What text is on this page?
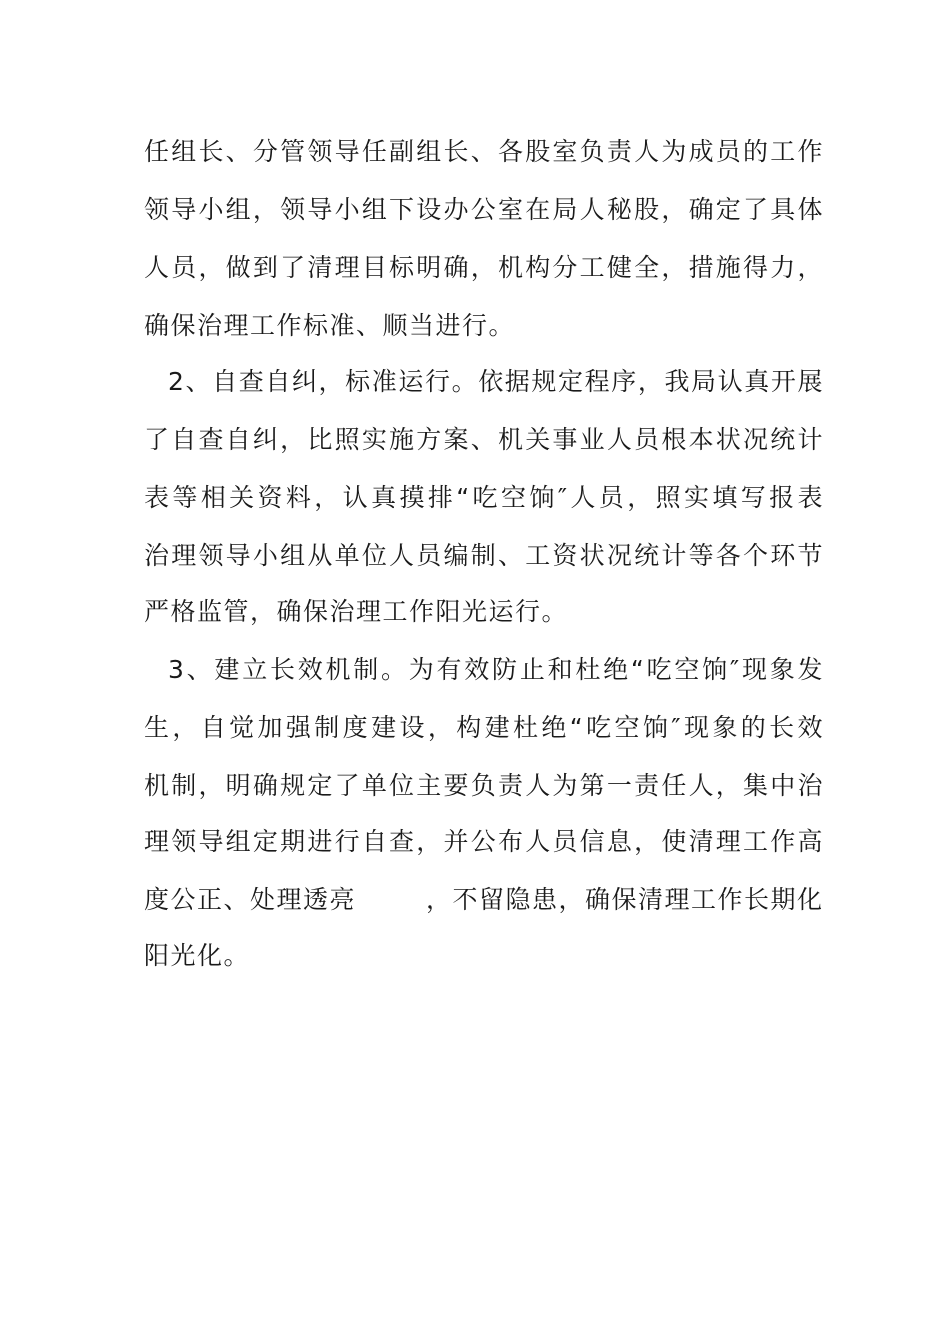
任组长、分管领导任副组长、各股室负责人为成员的工作
领导小组，领导小组下设办公室在局人秘股，确定了具体
人员，做到了清理目标明确，机构分工健全，措施得力，
确保治理工作标准、顺当进行。
2、自查自纠，标准运行。依据规定程序，我局认真开展
了自查自纠，比照实施方案、机关事业人员根本状况统计
表等相关资料，认真摸排“吃空饷″人员，照实填写报表
治理领导小组从单位人员编制、工资状况统计等各个环节
严格监管，确保治理工作阳光运行。
3、建立长效机制。为有效防止和杜绝“吃空饷″现象发
生，自觉加强制度建设，构建杜绝“吃空饷″现象的长效
机制，明确规定了单位主要负责人为第一责任人，集中治
理领导组定期进行自查，并公布人员信息，使清理工作高
度公正、处理透亮	，不留隐患，确保清理工作长期化
阳光化。
